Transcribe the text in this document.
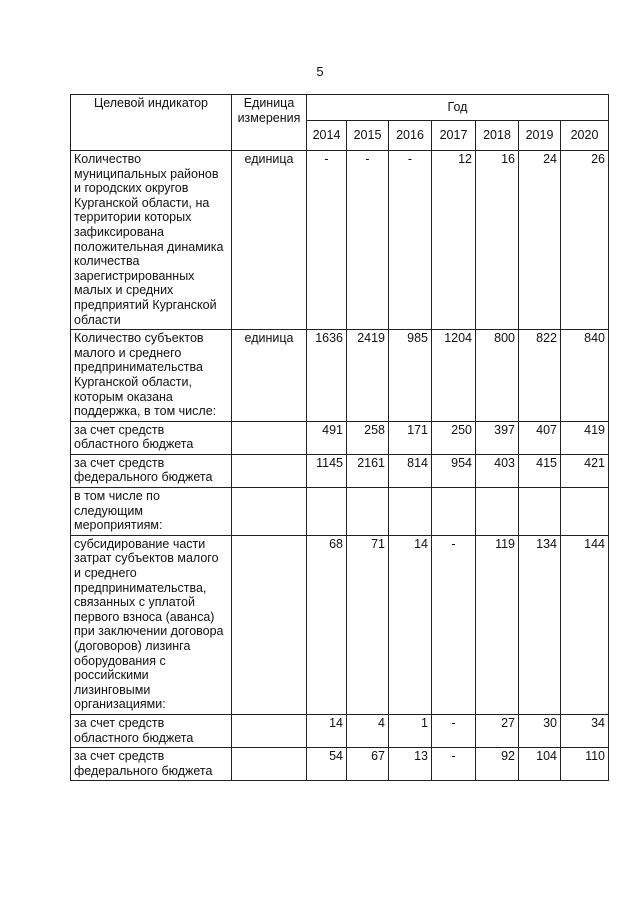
5
Целевой индикатор	Единица измерения	Год						
		2014	2015	2016	2017	2018	2019	2020
Количество муниципальных районов и городских округов Курганской области, на территории которых зафиксирована положительная динамика количества зарегистрированных малых и средних предприятий Курганской области	единица	-	-	-	12	16	24	26
Количество субъектов малого и среднего предпринимательства Курганской области, которым оказана поддержка, в том числе:	единица	1636	2419	985	1204	800	822	840
за счет средств областного бюджета		491	258	171	250	397	407	419
за счет средств федерального бюджета		1145	2161	814	954	403	415	421
в том числе по следующим мероприятиям:								
субсидирование части затрат субъектов малого и среднего предпринимательства, связанных с уплатой первого взноса (аванса) при заключении договора (договоров) лизинга оборудования с российскими лизинговыми организациями:		68	71	14	-	119	134	144
за счет средств областного бюджета		14	4	1	-	27	30	34
за счет средств федерального бюджета		54	67	13	-	92	104	110
